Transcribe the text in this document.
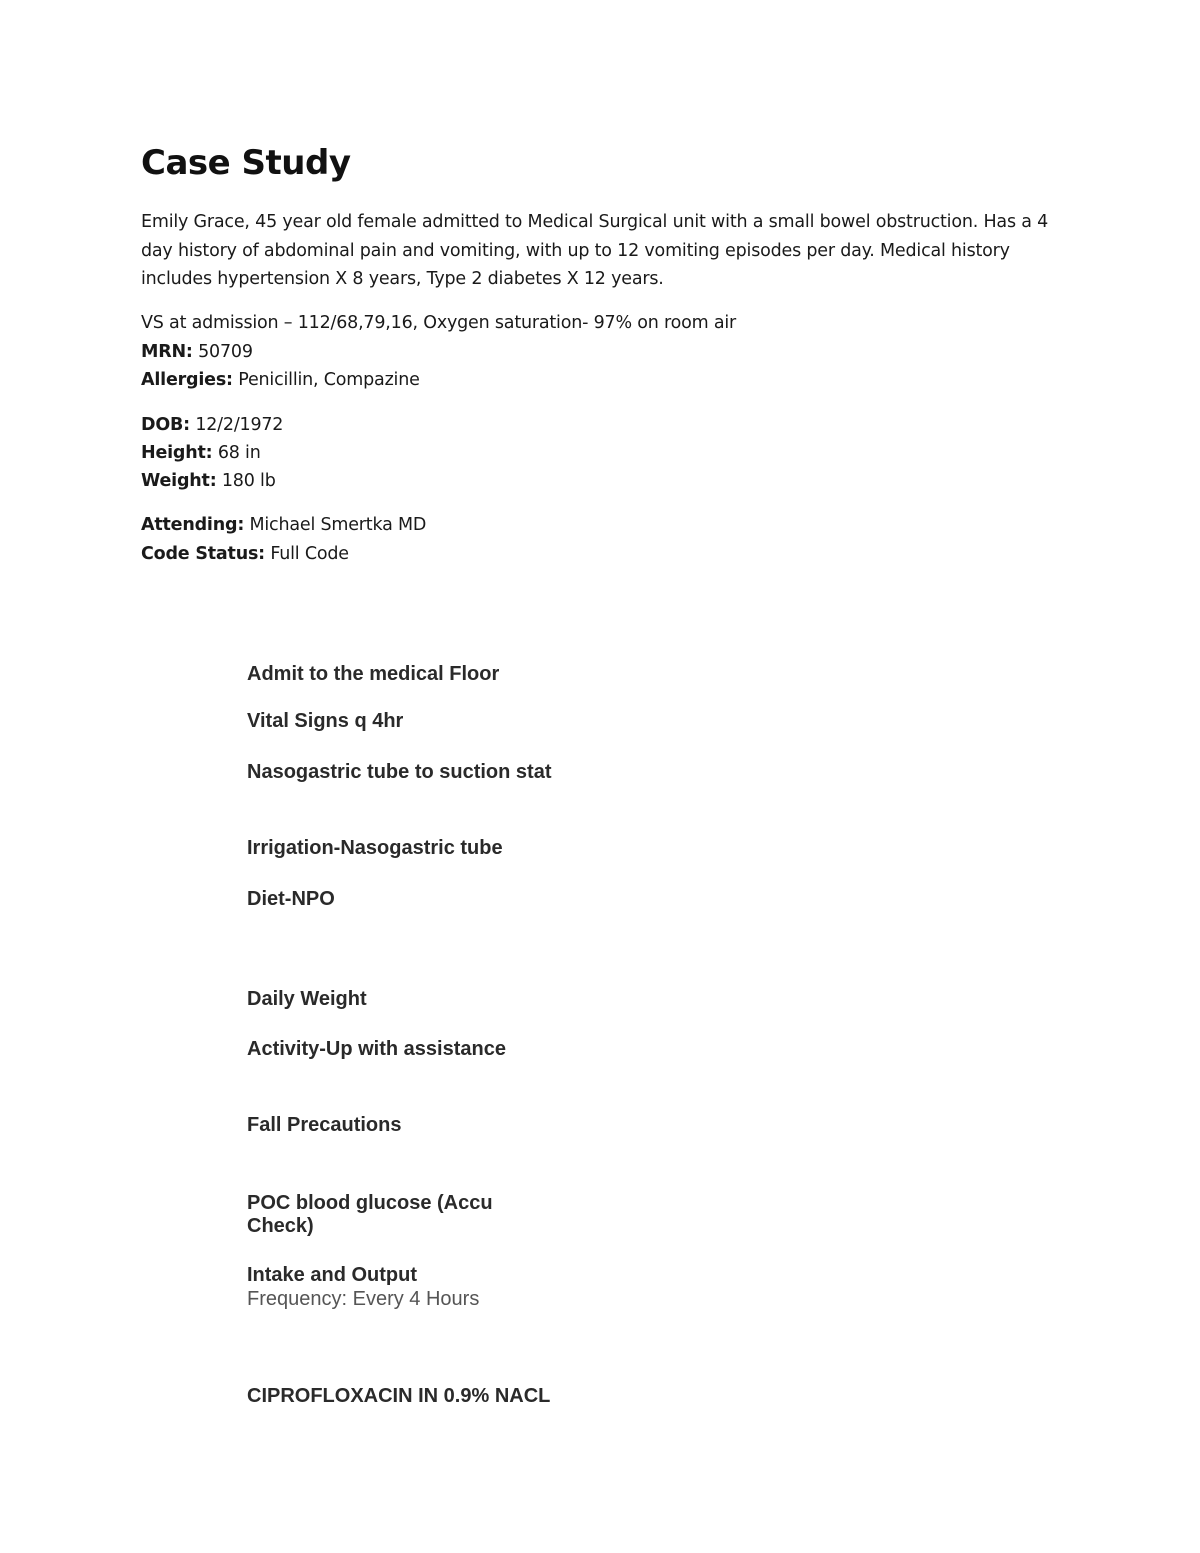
Case Study

Emily Grace, 45 year old female admitted to Medical Surgical unit with a small bowel obstruction. Has a 4 day history of abdominal pain and vomiting, with up to 12 vomiting episodes per day. Medical history includes hypertension X 8 years, Type 2 diabetes X 12 years.

VS at admission – 112/68,79,16, Oxygen saturation- 97% on room air

MRN: 50709

Allergies: Penicillin, Compazine

DOB: 12/2/1972

Height: 68 in

Weight: 180 lb

Attending: Michael Smertka MD

Code Status: Full Code

Admit to the medical Floor

Vital Signs q 4hr

Nasogastric tube to suction stat

Irrigation-Nasogastric tube

Diet-NPO

Daily Weight

Activity-Up with assistance

Fall Precautions

POC blood glucose (Accu

Check)

Intake and Output

Frequency: Every 4 Hours

CIPROFLOXACIN IN 0.9% NACL
